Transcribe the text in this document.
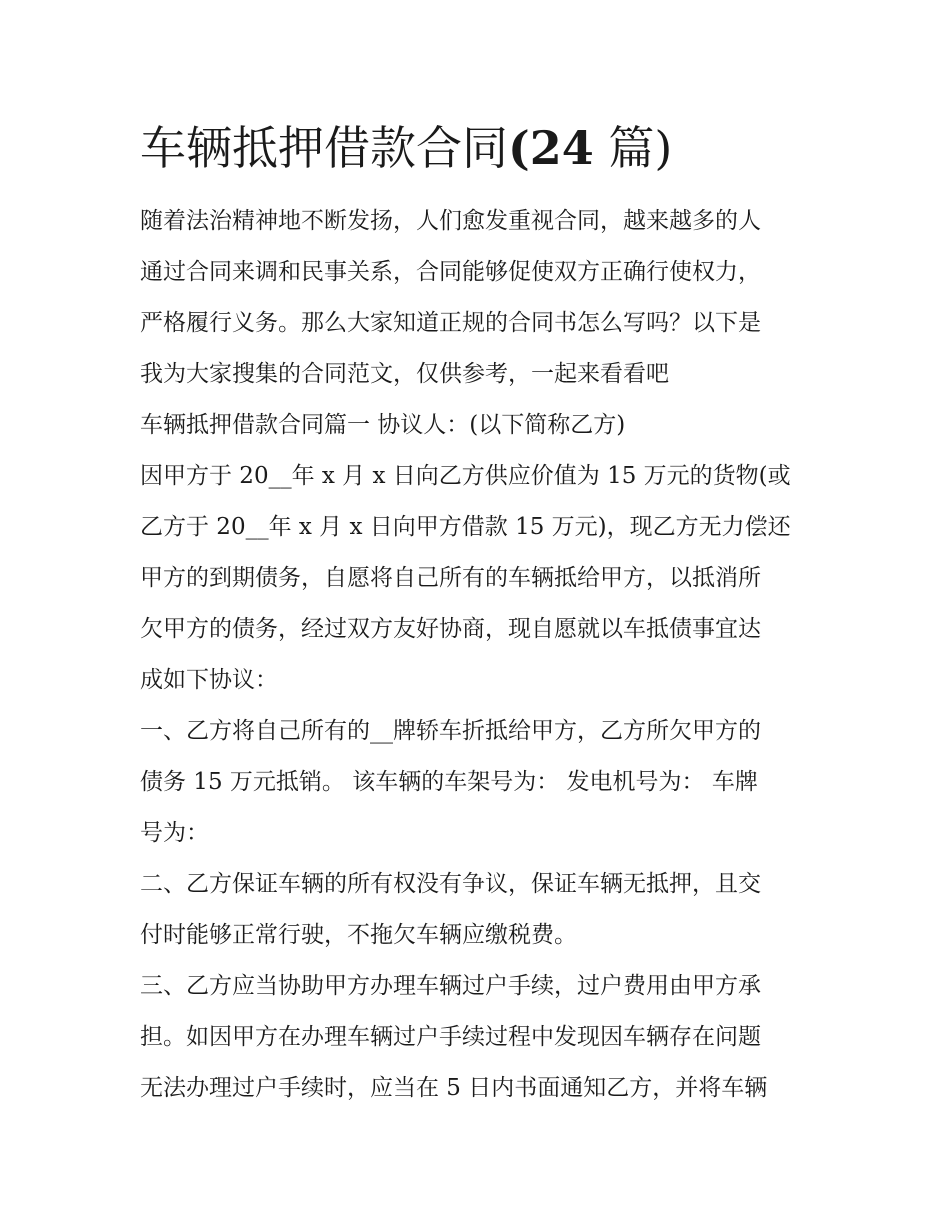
车辆抵押借款合同(24 篇)
随着法治精神地不断发扬，人们愈发重视合同，越来越多的人
通过合同来调和民事关系，合同能够促使双方正确行使权力，
严格履行义务。那么大家知道正规的合同书怎么写吗？以下是
我为大家搜集的合同范文，仅供参考，一起来看看吧
车辆抵押借款合同篇一 协议人：(以下简称乙方)
因甲方于 20__年 x 月 x 日向乙方供应价值为 15 万元的货物(或
乙方于 20__年 x 月 x 日向甲方借款 15 万元)，现乙方无力偿还
甲方的到期债务，自愿将自己所有的车辆抵给甲方，以抵消所
欠甲方的债务，经过双方友好协商，现自愿就以车抵债事宜达
成如下协议：
一、乙方将自己所有的__牌轿车折抵给甲方，乙方所欠甲方的
债务 15 万元抵销。 该车辆的车架号为： 发电机号为： 车牌
号为：
二、乙方保证车辆的所有权没有争议，保证车辆无抵押，且交
付时能够正常行驶，不拖欠车辆应缴税费。
三、乙方应当协助甲方办理车辆过户手续，过户费用由甲方承
担。如因甲方在办理车辆过户手续过程中发现因车辆存在问题
无法办理过户手续时，应当在 5 日内书面通知乙方，并将车辆
